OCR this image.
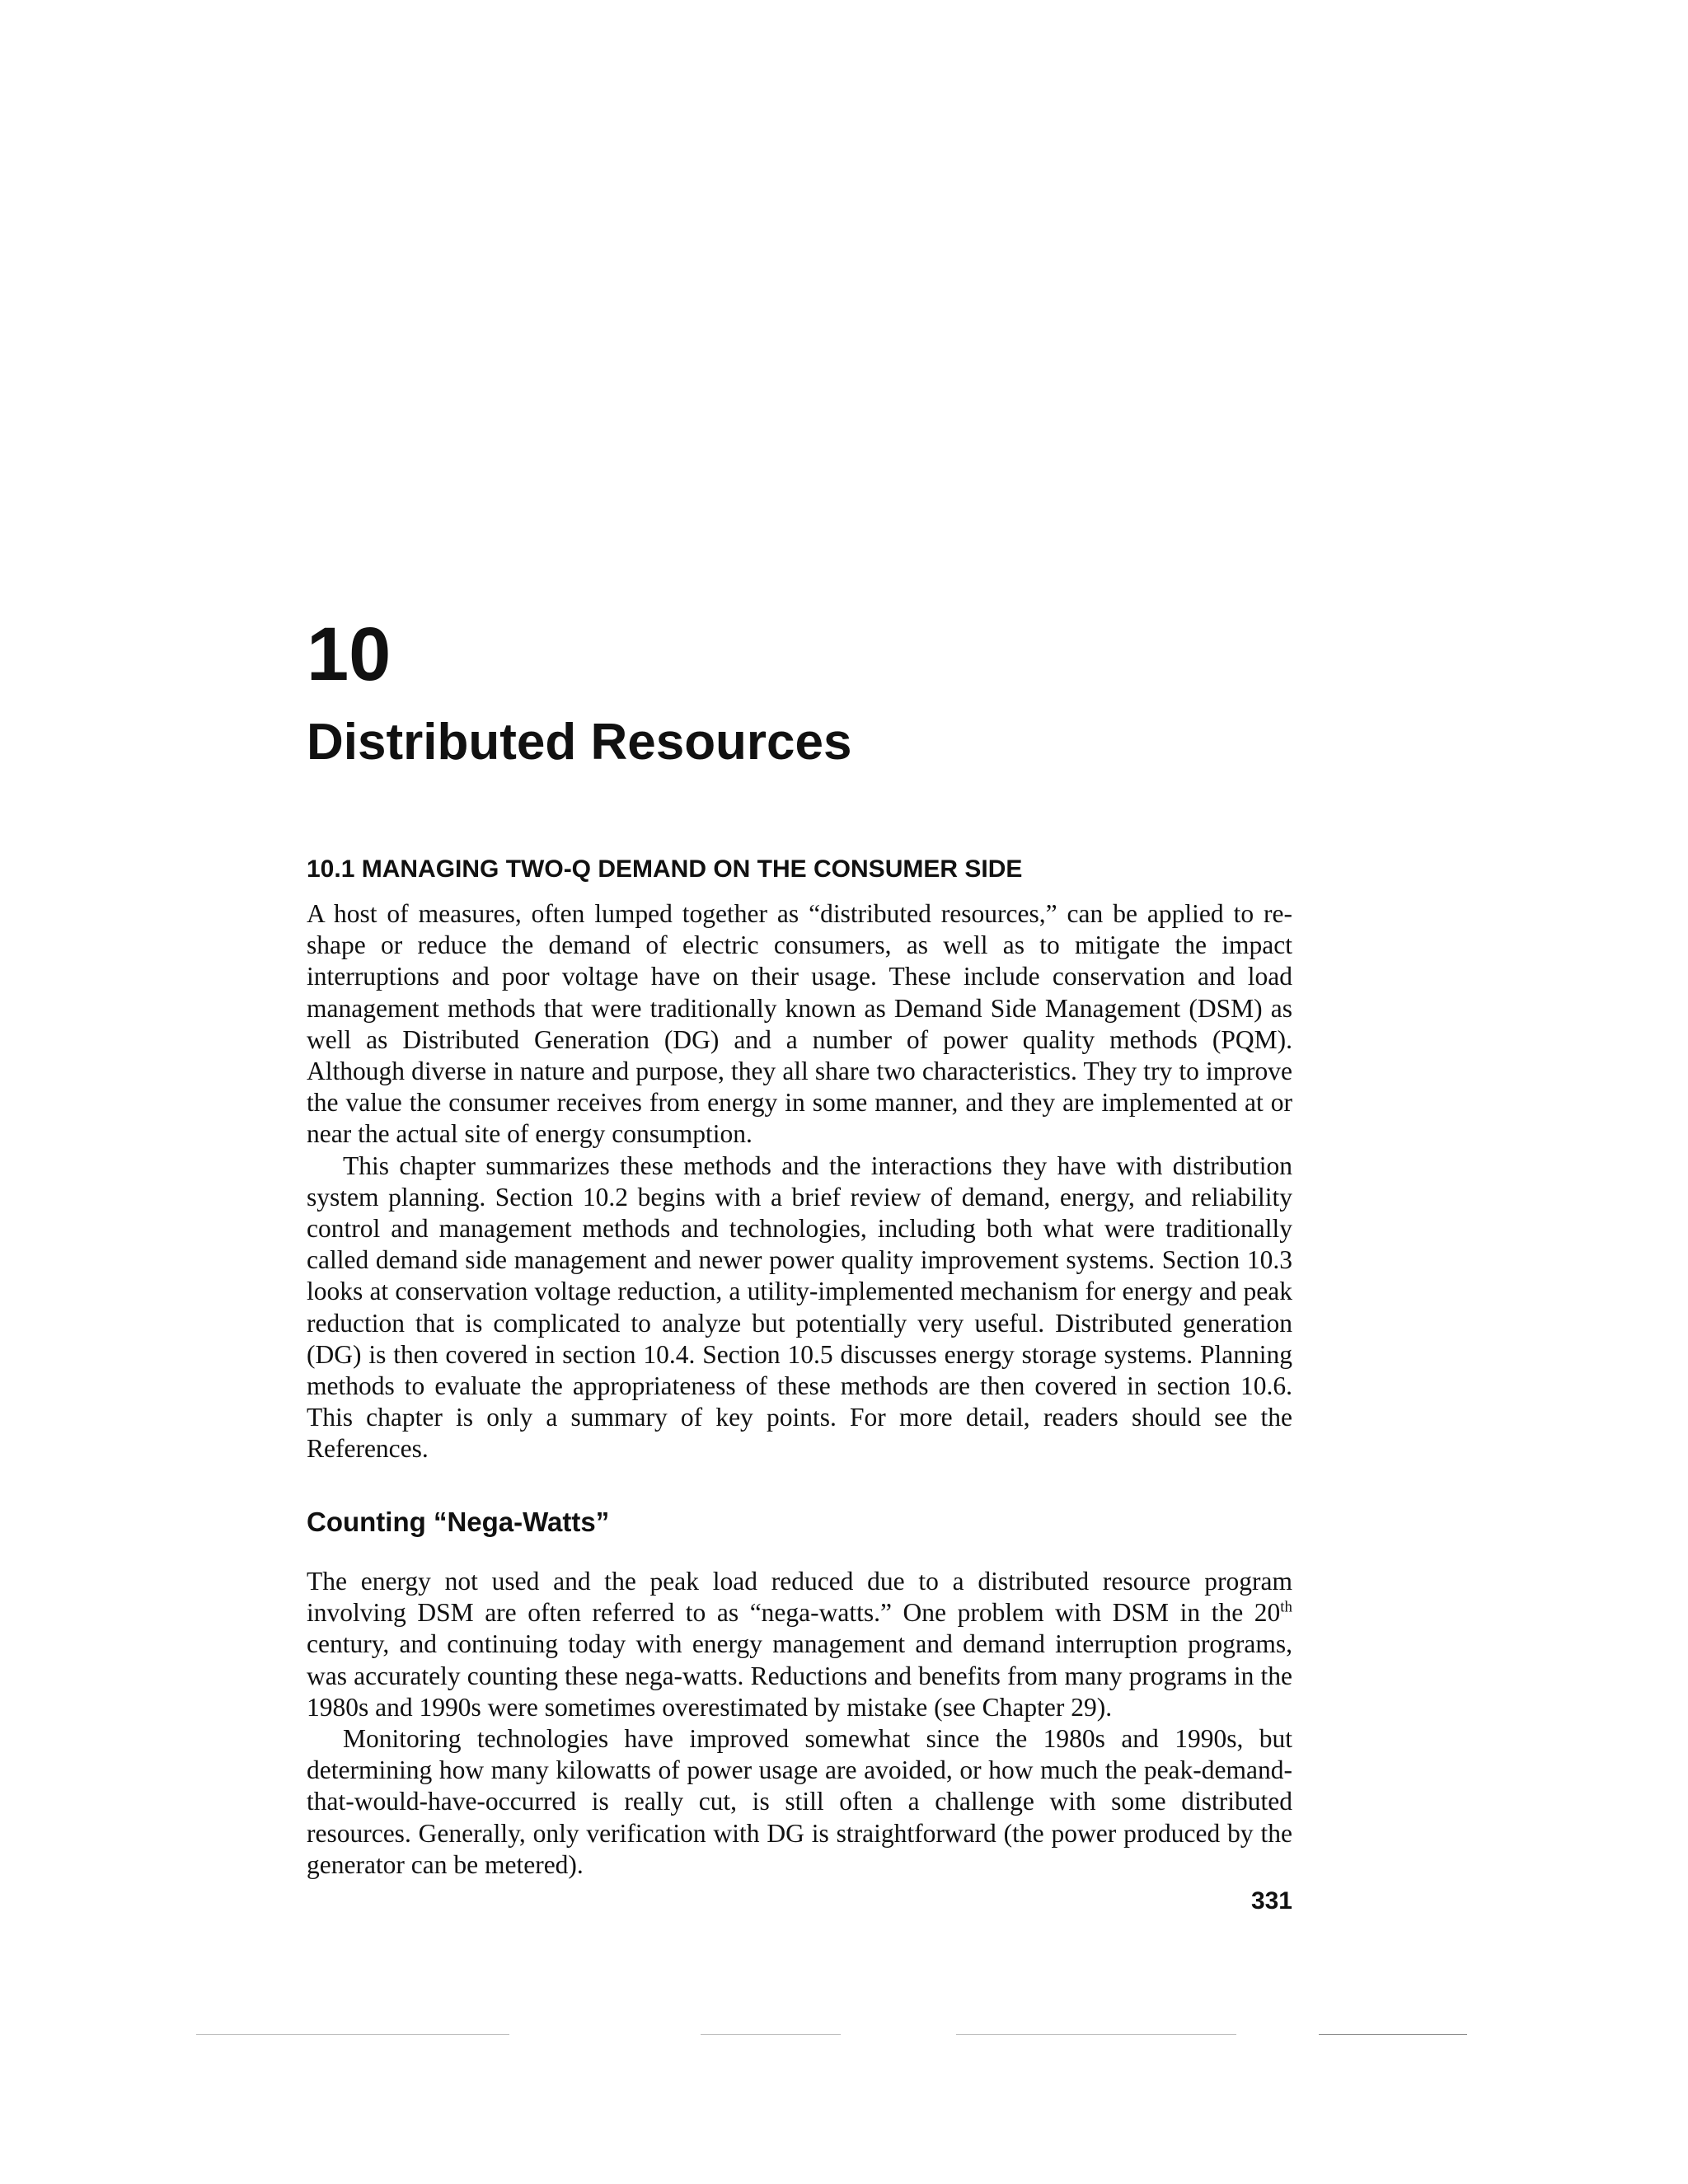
10
Distributed Resources
10.1 MANAGING TWO-Q DEMAND ON THE CONSUMER SIDE

A host of measures, often lumped together as “distributed resources,” can be applied to re-shape or reduce the demand of electric consumers, as well as to mitigate the impact interruptions and poor voltage have on their usage. These include conservation and load management methods that were traditionally known as Demand Side Management (DSM) as well as Distributed Generation (DG) and a number of power quality methods (PQM). Although diverse in nature and purpose, they all share two characteristics. They try to improve the value the consumer receives from energy in some manner, and they are implemented at or near the actual site of energy consumption.

This chapter summarizes these methods and the interactions they have with distribution system planning. Section 10.2 begins with a brief review of demand, energy, and reliability control and management methods and technologies, including both what were traditionally called demand side management and newer power quality improvement systems. Section 10.3 looks at conservation voltage reduction, a utility-implemented mechanism for energy and peak reduction that is complicated to analyze but potentially very useful. Distributed generation (DG) is then covered in section 10.4. Section 10.5 discusses energy storage systems. Planning methods to evaluate the appropriateness of these methods are then covered in section 10.6. This chapter is only a summary of key points. For more detail, readers should see the References.

Counting “Nega-Watts”

The energy not used and the peak load reduced due to a distributed resource program involving DSM are often referred to as “nega-watts.” One problem with DSM in the 20th century, and continuing today with energy management and demand interruption programs, was accurately counting these nega-watts. Reductions and benefits from many programs in the 1980s and 1990s were sometimes overestimated by mistake (see Chapter 29).

Monitoring technologies have improved somewhat since the 1980s and 1990s, but determining how many kilowatts of power usage are avoided, or how much the peak-demand-that-would-have-occurred is really cut, is still often a challenge with some distributed resources. Generally, only verification with DG is straightforward (the power produced by the generator can be metered).

331
